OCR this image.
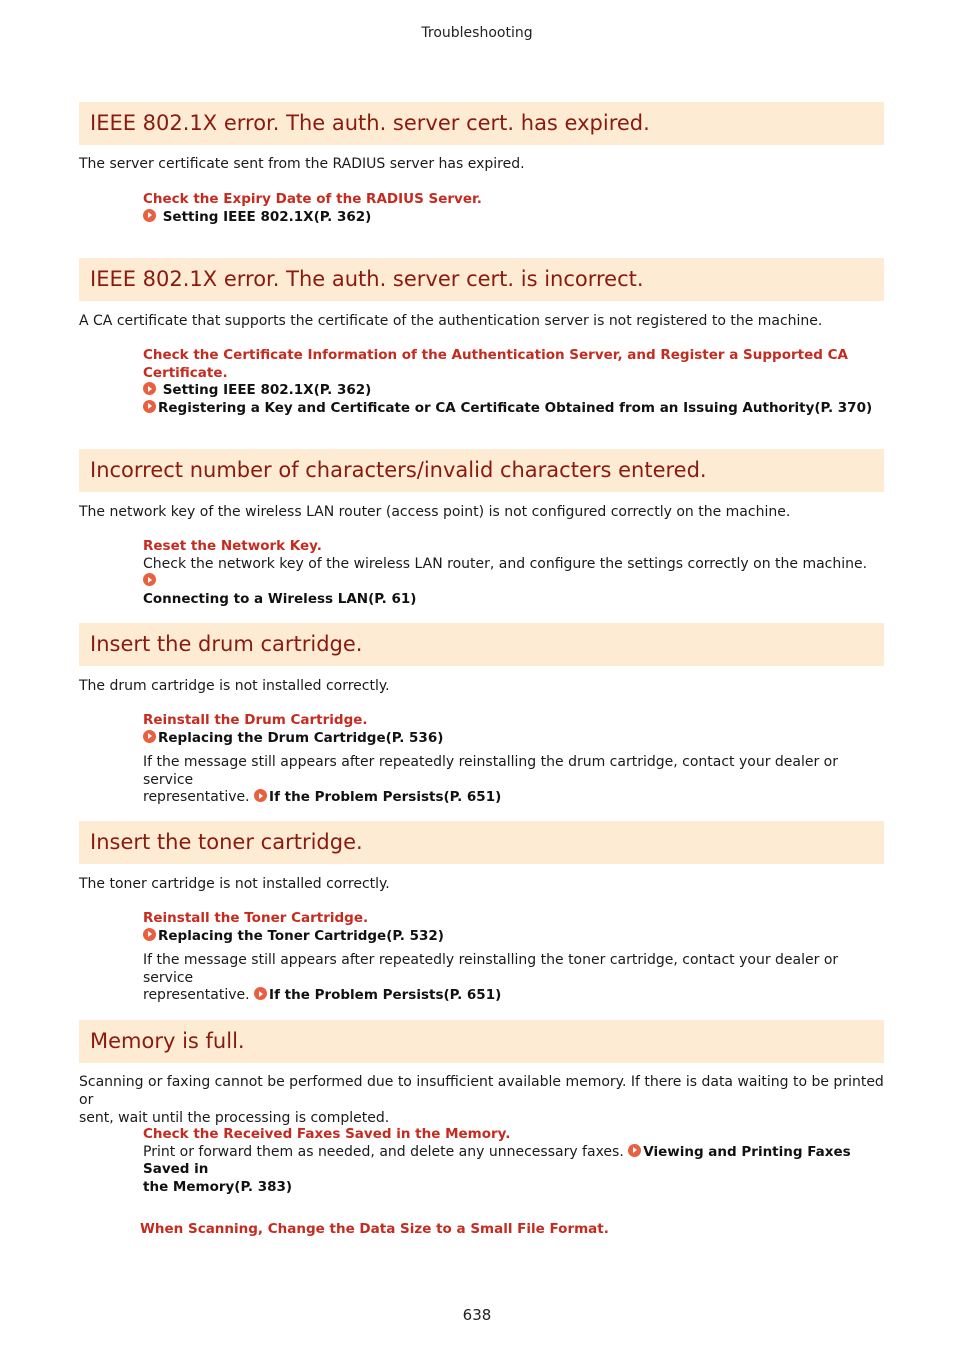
Troubleshooting
IEEE 802.1X error. The auth. server cert. has expired.
The server certificate sent from the RADIUS server has expired.
Check the Expiry Date of the RADIUS Server.
Setting IEEE 802.1X(P. 362)
IEEE 802.1X error. The auth. server cert. is incorrect.
A CA certificate that supports the certificate of the authentication server is not registered to the machine.
Check the Certificate Information of the Authentication Server, and Register a Supported CA
Certificate.
Setting IEEE 802.1X(P. 362)
Registering a Key and Certificate or CA Certificate Obtained from an Issuing Authority(P. 370)
Incorrect number of characters/invalid characters entered.
The network key of the wireless LAN router (access point) is not configured correctly on the machine.
Reset the Network Key.
Check the network key of the wireless LAN router, and configure the settings correctly on the machine.
Connecting to a Wireless LAN(P. 61)
Insert the drum cartridge.
The drum cartridge is not installed correctly.
Reinstall the Drum Cartridge.
Replacing the Drum Cartridge(P. 536)
If the message still appears after repeatedly reinstalling the drum cartridge, contact your dealer or service
representative. If the Problem Persists(P. 651)
Insert the toner cartridge.
The toner cartridge is not installed correctly.
Reinstall the Toner Cartridge.
Replacing the Toner Cartridge(P. 532)
If the message still appears after repeatedly reinstalling the toner cartridge, contact your dealer or service
representative. If the Problem Persists(P. 651)
Memory is full.
Scanning or faxing cannot be performed due to insufficient available memory. If there is data waiting to be printed or
sent, wait until the processing is completed.
Check the Received Faxes Saved in the Memory.
Print or forward them as needed, and delete any unnecessary faxes. Viewing and Printing Faxes Saved in
the Memory(P. 383)
When Scanning, Change the Data Size to a Small File Format.
638
